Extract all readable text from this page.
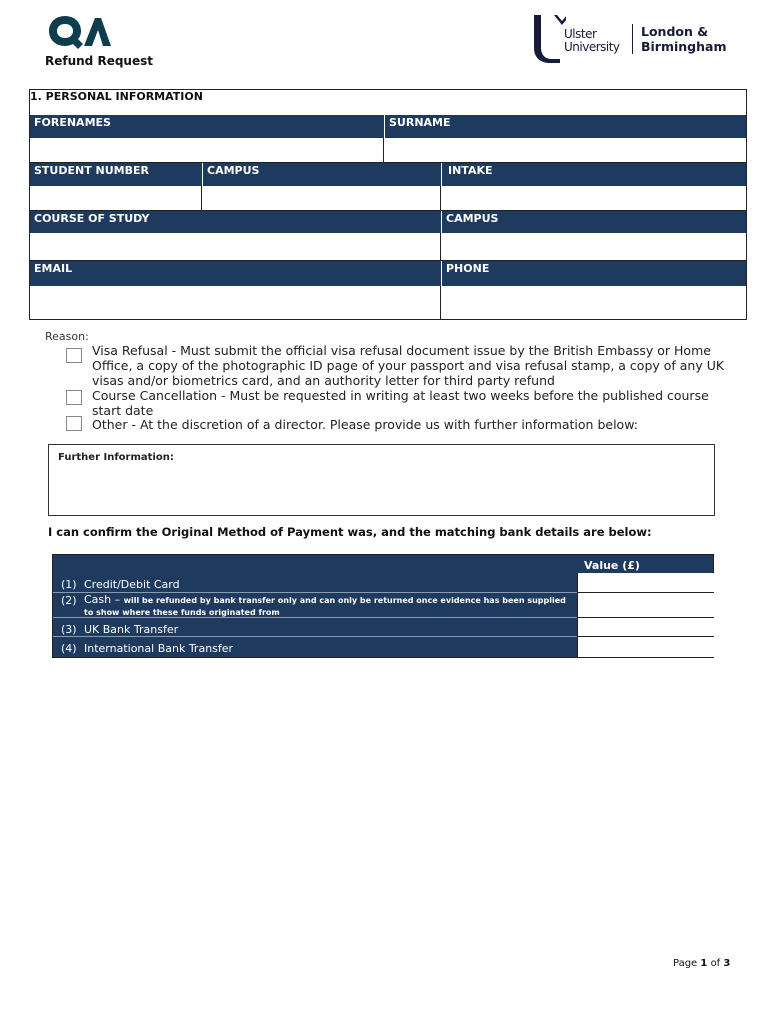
Refund Request
Ulster
University
London &
Birmingham
1. PERSONAL INFORMATION
FORENAMES	SURNAME
STUDENT NUMBER	CAMPUS	INTAKE
COURSE OF STUDY	CAMPUS
EMAIL	PHONE
Reason:
Visa Refusal - Must submit the official visa refusal document issue by the British Embassy or Home Office, a copy of the photographic ID page of your passport and visa refusal stamp, a copy of any UK visas and/or biometrics card, and an authority letter for third party refund
Course Cancellation - Must be requested in writing at least two weeks before the published course start date
Other - At the discretion of a director. Please provide us with further information below:
Further Information:
I can confirm the Original Method of Payment was, and the matching bank details are below:
Value (£)
(1) Credit/Debit Card
(2) Cash – will be refunded by bank transfer only and can only be returned once evidence has been supplied to show where these funds originated from
(3) UK Bank Transfer
(4) International Bank Transfer
Page 1 of 3
